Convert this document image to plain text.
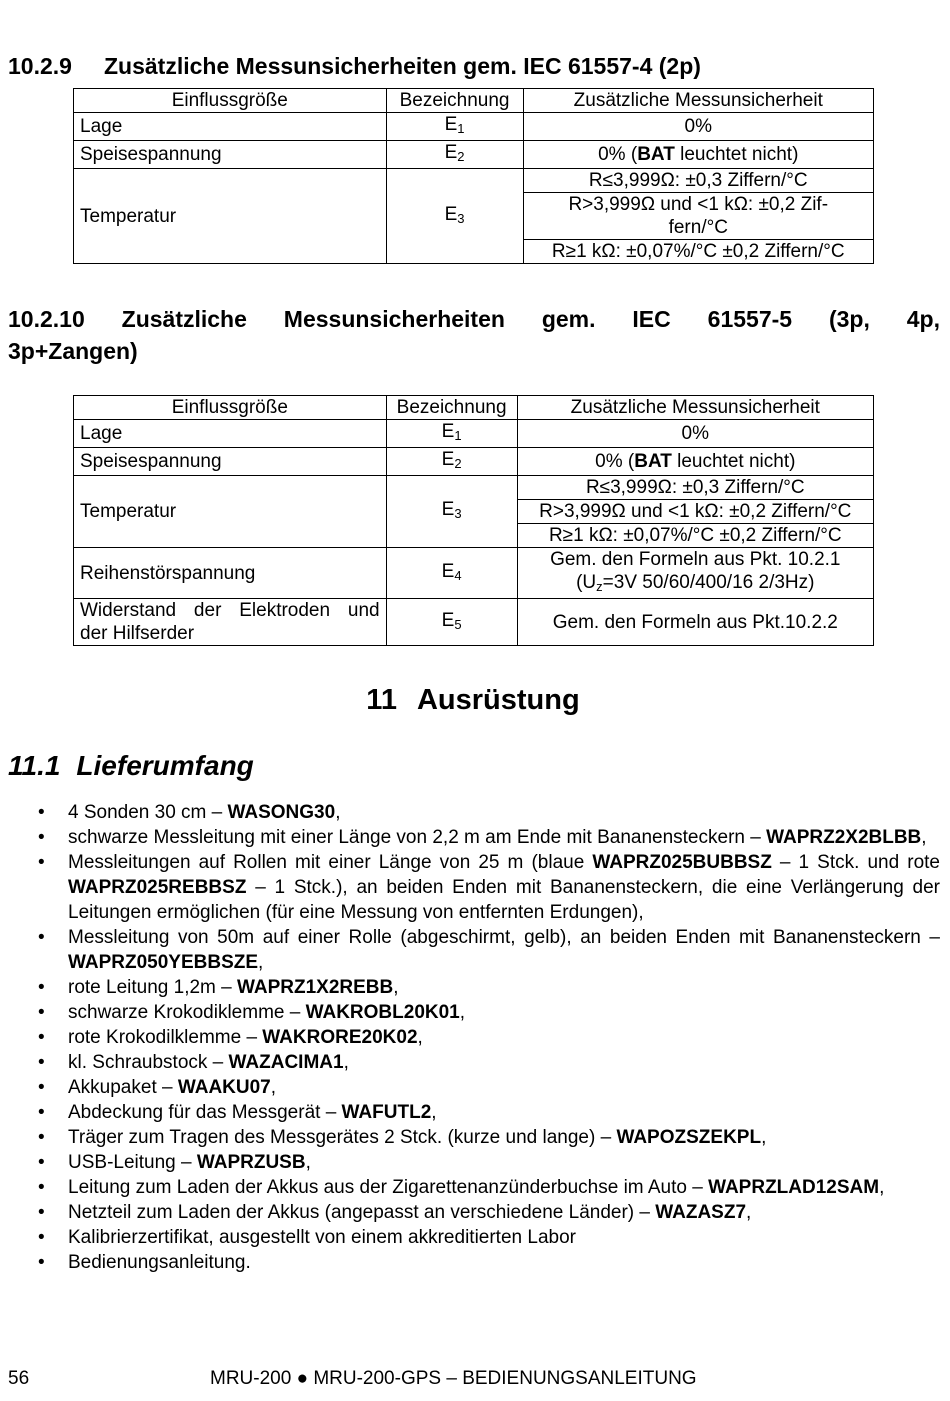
10.2.9 Zusätzliche Messunsicherheiten gem. IEC 61557-4 (2p)
Einflussgröße	Bezeichnung	Zusätzliche Messunsicherheit
Lage	$E_1$	0%
Speisespannung	$E_2$	0% (BAT leuchtet nicht)
Temperatur	$E_3$	R≤3,999Ω: ±0,3 Ziffern/°C
		R>3,999Ω und <1 kΩ: ±0,2 Zif-
fern/°C
		R≥1 kΩ: ±0,07%/°C ±0,2 Ziffern/°C
10.2.10 Zusätzliche Messunsicherheiten gem. IEC 61557-5 (3p, 4p,
3p+Zangen)
Einflussgröße	Bezeichnung	Zusätzliche Messunsicherheit
Lage	$E_1$	0%
Speisespannung	$E_2$	0% (BAT leuchtet nicht)
Temperatur	$E_3$	R≤3,999Ω: ±0,3 Ziffern/°C
		R>3,999Ω und <1 kΩ: ±0,2 Ziffern/°C
		R≥1 kΩ: ±0,07%/°C ±0,2 Ziffern/°C
Reihenstörspannung	$E_4$	Gem. den Formeln aus Pkt. 10.2.1
($U_z=3V$ 50/60/400/16 2/3Hz)

Widerstand der Elektroden und
der Hilfserder	$E_5$	Gem. den Formeln aus Pkt.10.2.2
11 Ausrüstung
11.1 Lieferumfang
• 4 Sonden 30 cm – WASONG30,
• schwarze Messleitung mit einer Länge von 2,2 m am Ende mit Bananensteckern – WAPRZ2X2BLBB,
• Messleitungen auf Rollen mit einer Länge von 25 m (blaue WAPRZ025BUBBSZ – 1 Stck. und rote WAPRZ025REBBSZ – 1 Stck.), an beiden Enden mit Bananensteckern, die eine Verlängerung der Leitungen ermöglichen (für eine Messung von entfernten Erdungen),
• Messleitung von 50m auf einer Rolle (abgeschirmt, gelb), an beiden Enden mit Bananensteckern – WAPRZ050YEBBSZE,
• rote Leitung 1,2m – WAPRZ1X2REBB,
• schwarze Krokodiklemme – WAKROBL20K01,
• rote Krokodilklemme – WAKRORE20K02,
• kl. Schraubstock – WAZACIMA1,
• Akkupaket – WAAKU07,
• Abdeckung für das Messgerät – WAFUTL2,
• Träger zum Tragen des Messgerätes 2 Stck. (kurze und lange) – WAPOZSZEKPL,
• USB-Leitung – WAPRZUSB,
• Leitung zum Laden der Akkus aus der Zigarettenanzünderbuchse im Auto – WAPRZLAD12SAM,
• Netzteil zum Laden der Akkus (angepasst an verschiedene Länder) – WAZASZ7,
• Kalibrierzertifikat, ausgestellt von einem akkreditierten Labor
• Bedienungsanleitung.
56	MRU-200 ● MRU-200-GPS – BEDIENUNGSANLEITUNG
